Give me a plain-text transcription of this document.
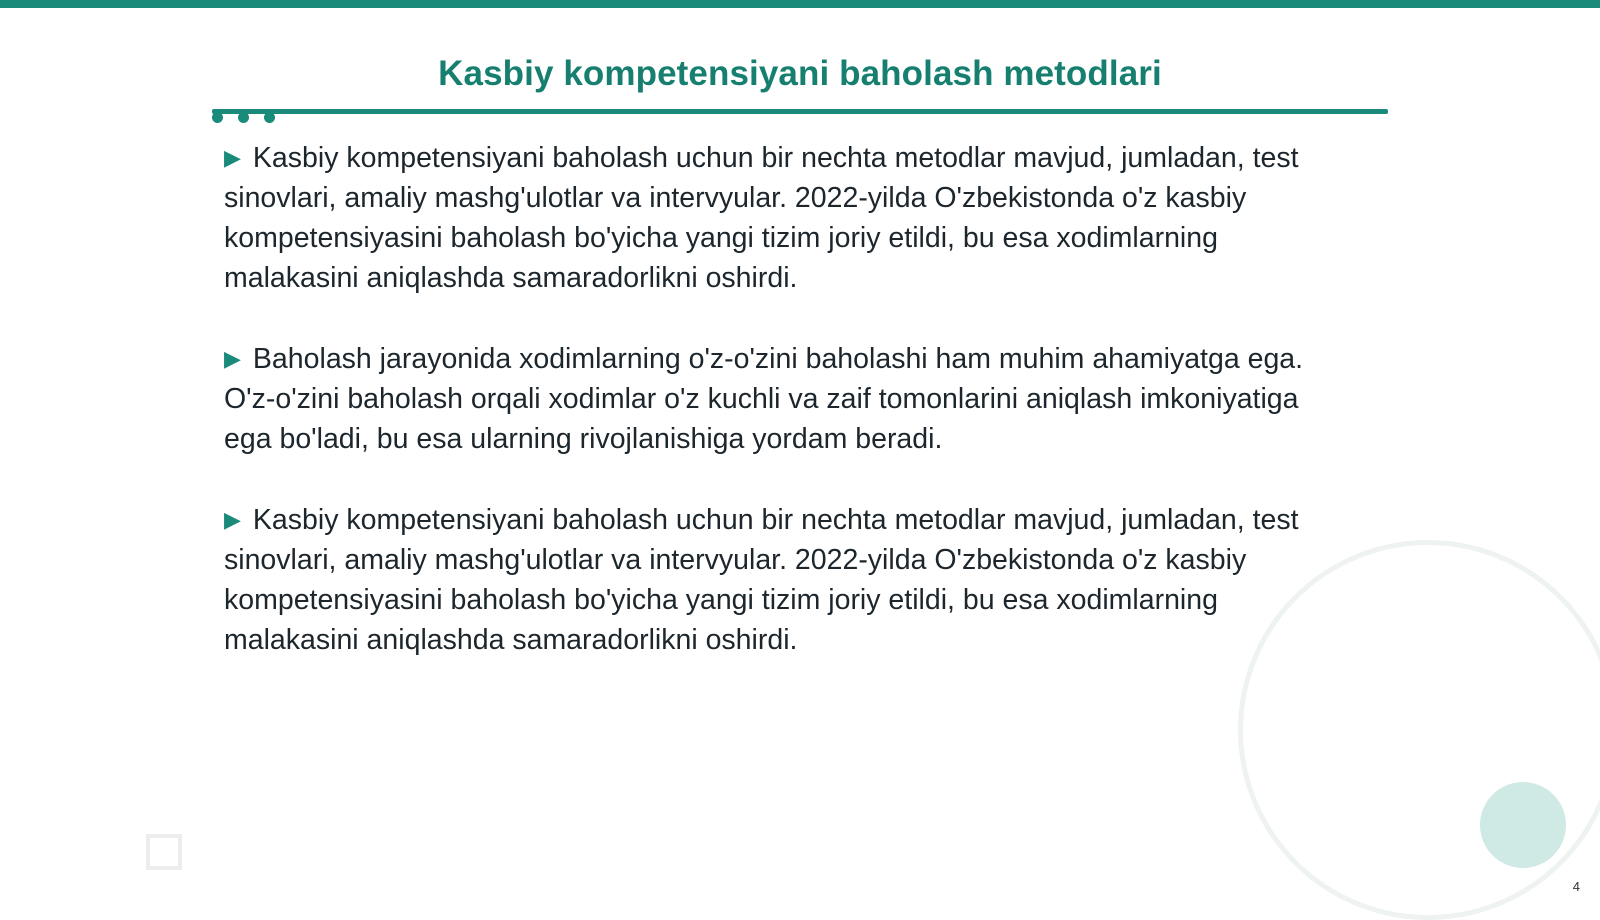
Kasbiy kompetensiyani baholash metodlari

▶ Kasbiy kompetensiyani baholash uchun bir nechta metodlar mavjud, jumladan, test sinovlari, amaliy mashg'ulotlar va intervyular. 2022-yilda O'zbekistonda o'z kasbiy kompetensiyasini baholash bo'yicha yangi tizim joriy etildi, bu esa xodimlarning malakasini aniqlashda samaradorlikni oshirdi.

▶ Baholash jarayonida xodimlarning o'z-o'zini baholashi ham muhim ahamiyatga ega. O'z-o'zini baholash orqali xodimlar o'z kuchli va zaif tomonlarini aniqlash imkoniyatiga ega bo'ladi, bu esa ularning rivojlanishiga yordam beradi.

▶ Kasbiy kompetensiyani baholash uchun bir nechta metodlar mavjud, jumladan, test sinovlari, amaliy mashg'ulotlar va intervyular. 2022-yilda O'zbekistonda o'z kasbiy kompetensiyasini baholash bo'yicha yangi tizim joriy etildi, bu esa xodimlarning malakasini aniqlashda samaradorlikni oshirdi.

4
